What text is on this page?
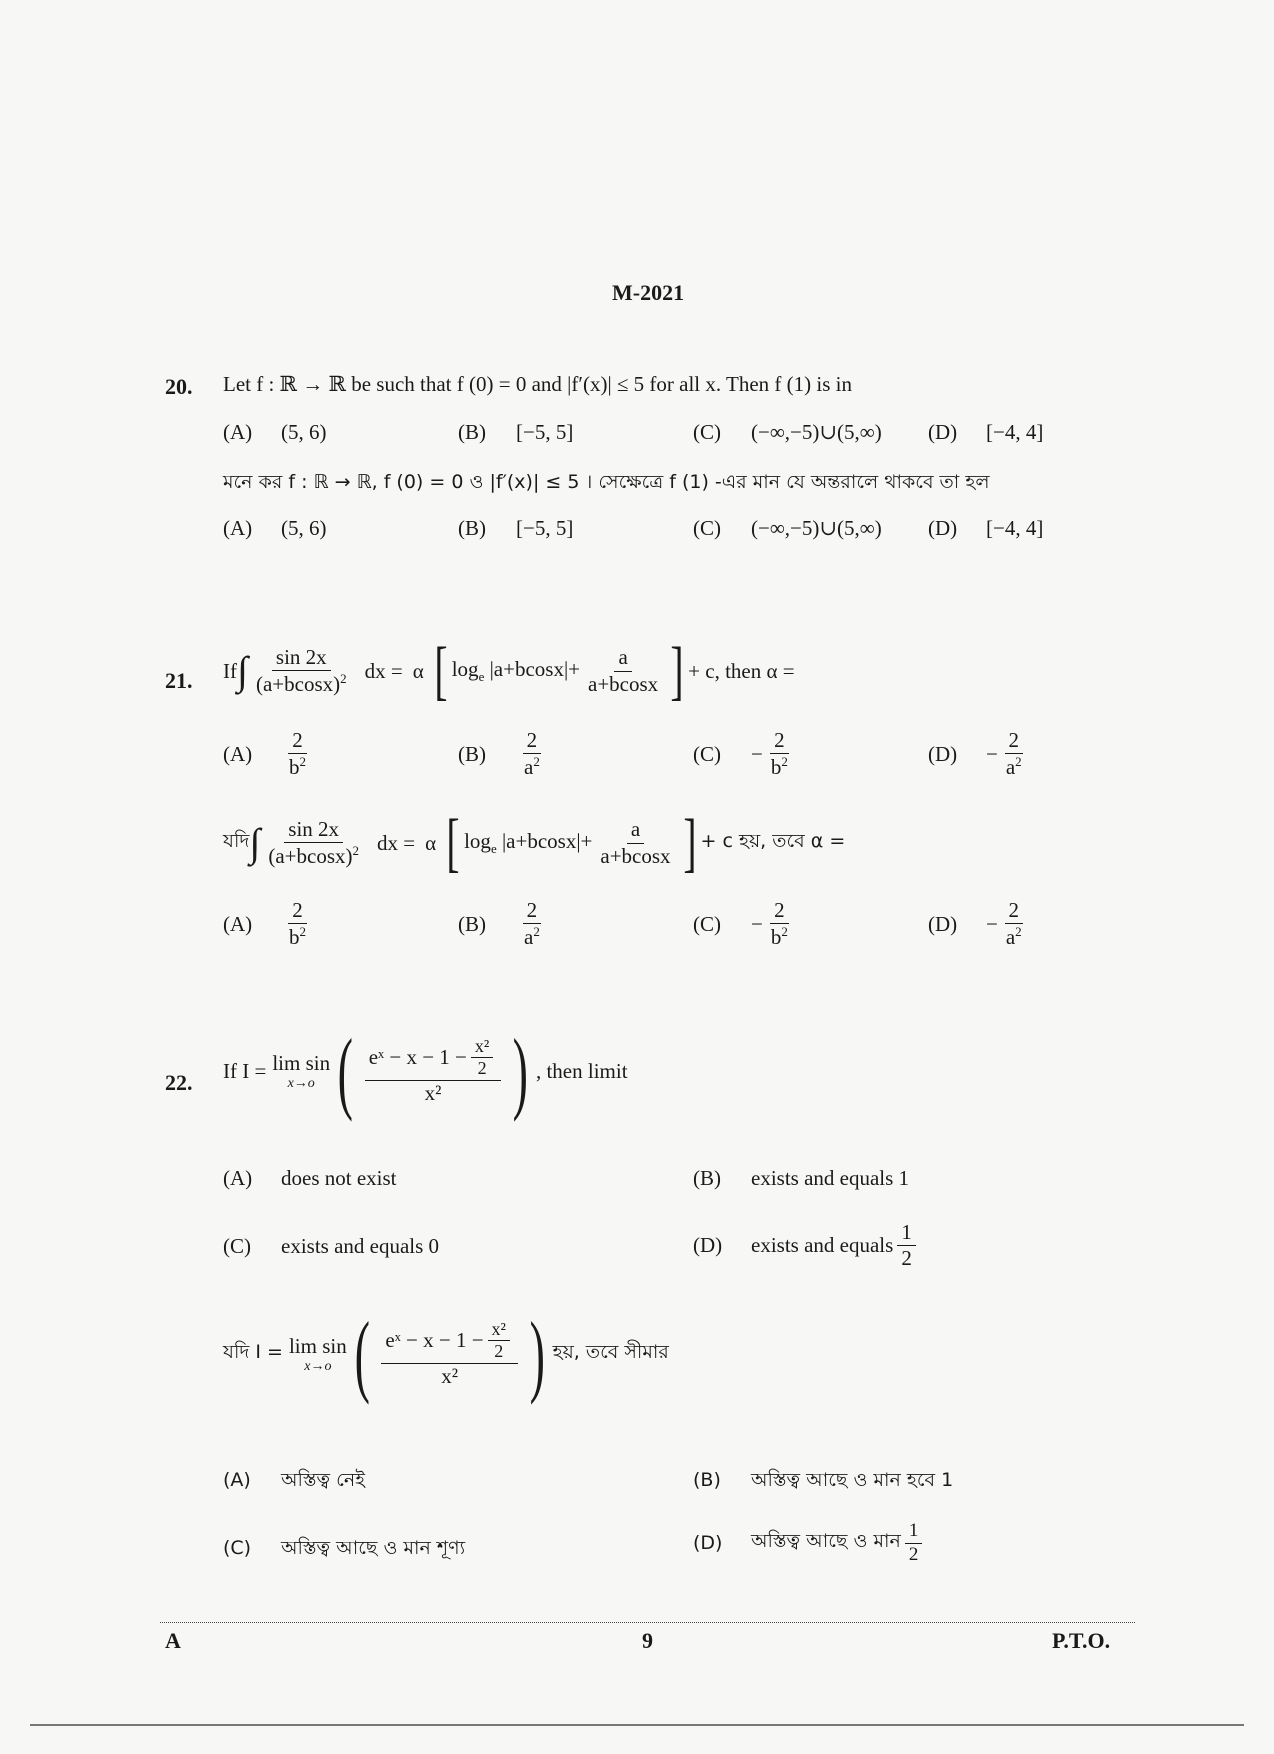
M-2021
20. Let f : ℝ → ℝ be such that f (0) = 0 and |f′(x)| ≤ 5 for all x. Then f (1) is in
(A) (5, 6)	(B) [−5, 5]	(C) (−∞,−5)∪(5,∞) (D) [−4, 4]
মনে কর f : ℝ → ℝ, f (0) = 0 ও |f′(x)| ≤ 5 । সেক্ষেত্রে f (1) -এর মান যে অন্তরালে থাকবে তা হল
(A) (5, 6)	(B) [−5, 5]	(C) (−∞,−5)∪(5,∞) (D) [−4, 4]
21. If ∫ $\frac{\sin 2x}{(a+bcosx)^2}$ dx = α [ $\log_e |a+bcosx|+ \frac{a}{a+bcosx}$ ] + c, then α =
(A)	$\frac{2}{b^2}$	(B)	$\frac{2}{a^2}$	(C)	− $\frac{2}{b^2}$	(D)	− $\frac{2}{a^2}$
যদি ∫ $\frac{\sin 2x}{(a+bcosx)^2}$ dx = α [ $\log_e |a+bcosx|+ \frac{a}{a+bcosx}$ ] + c হয়, তবে α =
(A)	$\frac{2}{b^2}$	(B)	$\frac{2}{a^2}$	(C)	− $\frac{2}{b^2}$	(D)	− $\frac{2}{a^2}$
22. If I = lim sin
x→o ( $\frac{eˣ - x - 1 - \frac{\text{x²}}{2}}{\text{x²}}$ ) , then limit
(A) does not exist	(B) exists and equals 1
(C) exists and equals 0	(D)	exists and equals $\frac{1}{2}$
যদি I = lim sin
x→o ( $\frac{eˣ - x - 1 - \frac{\text{x²}}{2}}{\text{x²}}$ ) হয়, তবে সীমার
(A) অস্তিত্ব নেই	(B) অস্তিত্ব আছে ও মান হবে 1
(C) অস্তিত্ব আছে ও মান শূণ্য	(D)	অস্তিত্ব আছে ও মান $\frac{1}{2}$
A	9	P.T.O.
